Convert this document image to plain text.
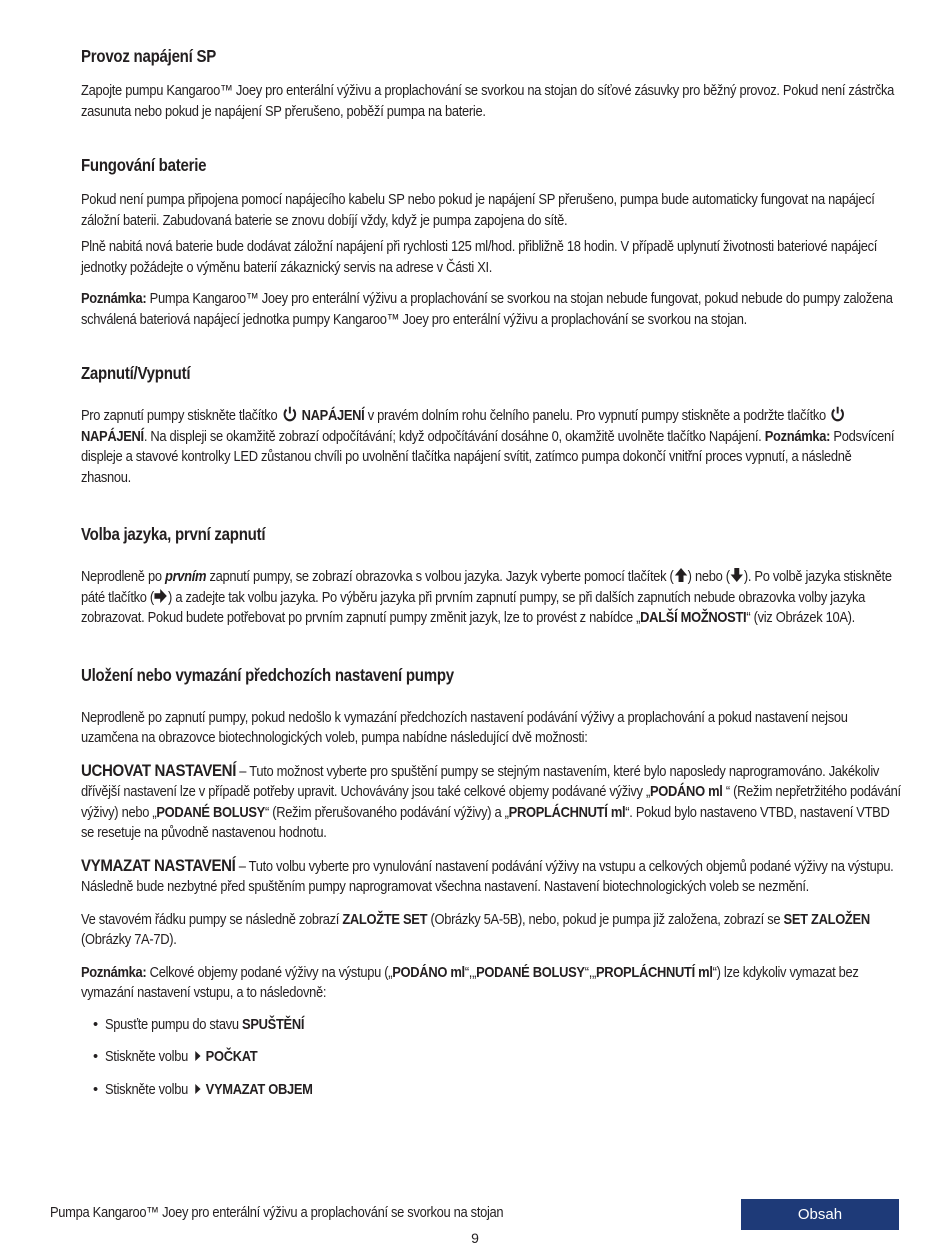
Provoz napájení SP

Zapojte pumpu Kangaroo™ Joey pro enterální výživu a proplachování se svorkou na stojan do síťové zásuvky pro běžný provoz. Pokud není zástrčka zasunuta nebo pokud je napájení SP přerušeno, poběží pumpa na baterie.

Fungování baterie

Pokud není pumpa připojena pomocí napájecího kabelu SP nebo pokud je napájení SP přerušeno, pumpa bude automaticky fungovat na napájecí záložní baterii. Zabudovaná baterie se znovu dobíjí vždy, když je pumpa zapojena do sítě.

Plně nabitá nová baterie bude dodávat záložní napájení při rychlosti 125 ml/hod. přibližně 18 hodin. V případě uplynutí životnosti bateriové napájecí jednotky požádejte o výměnu baterií zákaznický servis na adrese v Části XI.

Poznámka: Pumpa Kangaroo™ Joey pro enterální výživu a proplachování se svorkou na stojan nebude fungovat, pokud nebude do pumpy založena schválená bateriová napájecí jednotka pumpy Kangaroo™ Joey pro enterální výživu a proplachování se svorkou na stojan.

Zapnutí/Vypnutí

Pro zapnutí pumpy stiskněte tlačítko  NAPÁJENÍ v pravém dolním rohu čelního panelu. Pro vypnutí pumpy stiskněte a podržte tlačítko  NAPÁJENÍ. Na displeji se okamžitě zobrazí odpočítávání; když odpočítávání dosáhne 0, okamžitě uvolněte tlačítko Napájení. Poznámka: Podsvícení displeje a stavové kontrolky LED zůstanou chvíli po uvolnění tlačítka napájení svítit, zatímco pumpa dokončí vnitřní proces vypnutí, a následně zhasnou.

Volba jazyka, první zapnutí

Neprodleně po prvním zapnutí pumpy, se zobrazí obrazovka s volbou jazyka. Jazyk vyberte pomocí tlačítek ( ) nebo ( ). Po volbě jazyka stiskněte páté tlačítko ( ) a zadejte tak volbu jazyka. Po výběru jazyka při prvním zapnutí pumpy, se při dalších zapnutích nebude obrazovka volby jazyka zobrazovat. Pokud budete potřebovat po prvním zapnutí pumpy změnit jazyk, lze to provést z nabídce „DALŠÍ MOŽNOSTI“ (viz Obrázek 10A).

Uložení nebo vymazání předchozích nastavení pumpy

Neprodleně po zapnutí pumpy, pokud nedošlo k vymazání předchozích nastavení podávání výživy a proplachování a pokud nastavení nejsou uzamčena na obrazovce biotechnologických voleb, pumpa nabídne následující dvě možnosti:

UCHOVAT NASTAVENÍ – Tuto možnost vyberte pro spuštění pumpy se stejným nastavením, které bylo naposledy naprogramováno. Jakékoliv dřívější nastavení lze v případě potřeby upravit. Uchovávány jsou také celkové objemy podávané výživy „PODÁNO ml “ (Režim nepřetržitého podávání výživy) nebo „PODANÉ BOLUSY“ (Režim přerušovaného podávání výživy) a „PROPLÁCHNUTÍ ml“. Pokud bylo nastaveno VTBD, nastavení VTBD se resetuje na původně nastavenou hodnotu.

VYMAZAT NASTAVENÍ – Tuto volbu vyberte pro vynulování nastavení podávání výživy na vstupu a celkových objemů podané výživy na výstupu. Následně bude nezbytné před spuštěním pumpy naprogramovat všechna nastavení. Nastavení biotechnologických voleb se nezmění.

Ve stavovém řádku pumpy se následně zobrazí ZALOŽTE SET (Obrázky 5A-5B), nebo, pokud je pumpa již založena, zobrazí se SET ZALOŽEN (Obrázky 7A-7D).

Poznámka: Celkové objemy podané výživy na výstupu („PODÁNO ml“,„PODANÉ BOLUSY“,„PROPLÁCHNUTÍ ml“) lze kdykoliv vymazat bez vymazání nastavení vstupu, a to následovně:

• Spusťte pumpu do stavu SPUŠTĚNÍ
• Stiskněte volbu POČKAT
• Stiskněte volbu VYMAZAT OBJEM
Pumpa Kangaroo™ Joey pro enterální výživu a proplachování se svorkou na stojan	Obsah
9
